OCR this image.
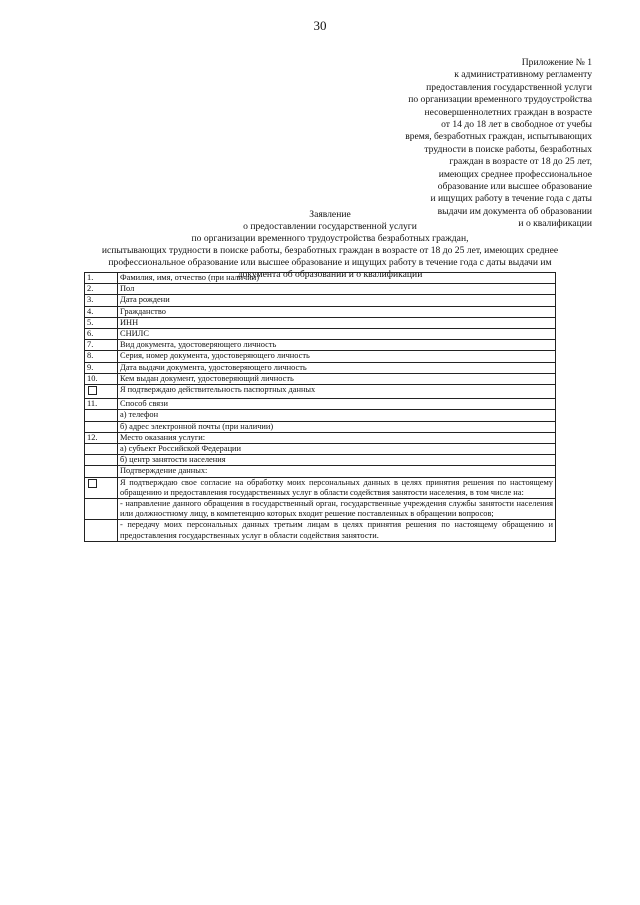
30
Приложение № 1
к административному регламенту
предоставления государственной услуги
по организации временного трудоустройства
несовершеннолетних граждан в возрасте
от 14 до 18 лет в свободное от учебы
время, безработных граждан, испытывающих
трудности в поиске работы, безработных
граждан в возрасте от 18 до 25 лет,
имеющих среднее профессиональное
образование или высшее образование
и ищущих работу в течение года с даты
выдачи им документа об образовании
и о квалификации
Заявление
о предоставлении государственной услуги
по организации временного трудоустройства безработных граждан,
испытывающих трудности в поиске работы, безработных граждан в возрасте от 18 до 25 лет, имеющих среднее
профессиональное образование или высшее образование и ищущих работу в течение года с даты выдачи им
документа об образовании и о квалификации
1.	Фамилия, имя, отчество (при наличии)
2.	Пол
3.	Дата рождени
4.	Гражданство
5.	ИНН
6.	СНИЛС
7.	Вид документа, удостоверяющего личность
8.	Серия, номер документа, удостоверяющего личность
9.	Дата выдачи документа, удостоверяющего личность
10.	Кем выдан документ, удостоверяющий личность
	Я подтверждаю действительность паспортных данных
11.	Способ связи
	а) телефон
	б) адрес электронной почты (при наличии)
12.	Место оказания услуги:
	а) субъект Российской Федерации
	б) центр занятости населения
	Подтверждение данных:
	Я подтверждаю свое согласие на обработку моих персональных данных в целях принятия решения по настоящему обращению и предоставления государственных услуг в области содействия занятости населения, в том числе на:
	- направление данного обращения в государственный орган, государственные учреждения службы занятости населения или должностному лицу, в компетенцию которых входит решение поставленных в обращении вопросов;
	- передачу моих персональных данных третьим лицам в целях принятия решения по настоящему обращению и предоставления государственных услуг в области содействия занятости.
